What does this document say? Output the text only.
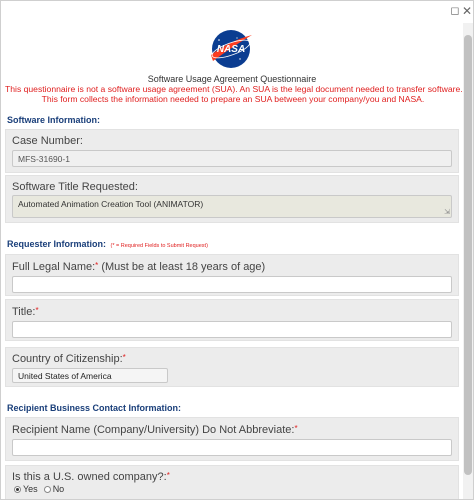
◻ ✕
NASA
Software Usage Agreement Questionnaire
This questionnaire is not a software usage agreement (SUA). An SUA is the legal document needed to transfer software.
This form collects the information needed to prepare an SUA between your company/you and NASA.
Software Information:
Case Number:
MFS-31690-1
Software Title Requested:
Automated Animation Creation Tool (ANIMATOR)
⇲
Requester Information: (* = Required Fields to Submit Request)
Full Legal Name:* (Must be at least 18 years of age)
Title:*
Country of Citizenship:*
United States of America
Recipient Business Contact Information:
Recipient Name (Company/University) Do Not Abbreviate:*
Is this a U.S. owned company?:*
Yes No
